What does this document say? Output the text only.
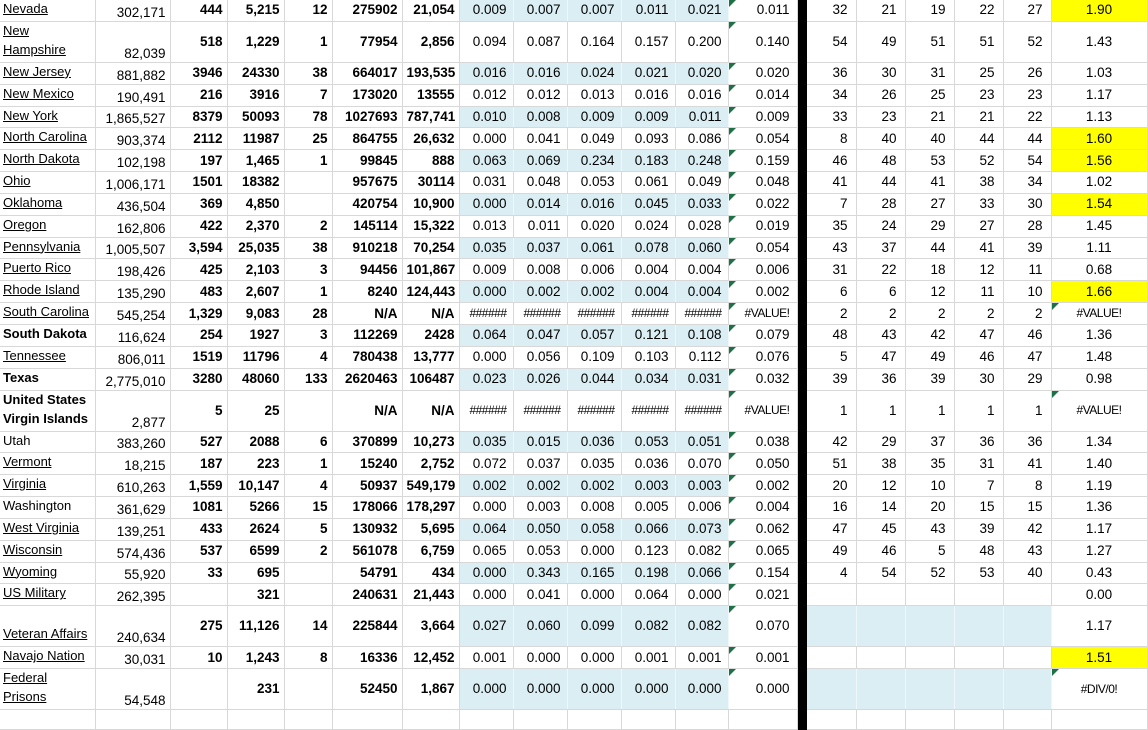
Nevada	302,171	444	5,215	12	275902	21,054	0.009	0.007	0.007	0.011	0.021	0.011		32	21	19	22	27	1.90
New Hampshire	82,039	518	1,229	1	77954	2,856	0.094	0.087	0.164	0.157	0.200	0.140		54	49	51	51	52	1.43
New Jersey	881,882	3946	24330	38	664017	193,535	0.016	0.016	0.024	0.021	0.020	0.020		36	30	31	25	26	1.03
New Mexico	190,491	216	3916	7	173020	13555	0.012	0.012	0.013	0.016	0.016	0.014		34	26	25	23	23	1.17
New York	1,865,527	8379	50093	78	1027693	787,741	0.010	0.008	0.009	0.009	0.011	0.009		33	23	21	21	22	1.13
North Carolina	903,374	2112	11987	25	864755	26,632	0.000	0.041	0.049	0.093	0.086	0.054		8	40	40	44	44	1.60
North Dakota	102,198	197	1,465	1	99845	888	0.063	0.069	0.234	0.183	0.248	0.159		46	48	53	52	54	1.56
Ohio	1,006,171	1501	18382		957675	30114	0.031	0.048	0.053	0.061	0.049	0.048		41	44	41	38	34	1.02
Oklahoma	436,504	369	4,850		420754	10,900	0.000	0.014	0.016	0.045	0.033	0.022		7	28	27	33	30	1.54
Oregon	162,806	422	2,370	2	145114	15,322	0.013	0.011	0.020	0.024	0.028	0.019		35	24	29	27	28	1.45
Pennsylvania	1,005,507	3,594	25,035	38	910218	70,254	0.035	0.037	0.061	0.078	0.060	0.054		43	37	44	41	39	1.11
Puerto Rico	198,426	425	2,103	3	94456	101,867	0.009	0.008	0.006	0.004	0.004	0.006		31	22	18	12	11	0.68
Rhode Island	135,290	483	2,607	1	8240	124,443	0.000	0.002	0.002	0.004	0.004	0.002		6	6	12	11	10	1.66
South Carolina	545,254	1,329	9,083	28	N/A	N/A	######	######	######	######	######	#VALUE!		2	2	2	2	2	#VALUE!
South Dakota	116,624	254	1927	3	112269	2428	0.064	0.047	0.057	0.121	0.108	0.079		48	43	42	47	46	1.36
Tennessee	806,011	1519	11796	4	780438	13,777	0.000	0.056	0.109	0.103	0.112	0.076		5	47	49	46	47	1.48
Texas	2,775,010	3280	48060	133	2620463	106487	0.023	0.026	0.044	0.034	0.031	0.032		39	36	39	30	29	0.98
United States Virgin Islands	2,877	5	25		N/A	N/A	######	######	######	######	######	#VALUE!		1	1	1	1	1	#VALUE!
Utah	383,260	527	2088	6	370899	10,273	0.035	0.015	0.036	0.053	0.051	0.038		42	29	37	36	36	1.34
Vermont	18,215	187	223	1	15240	2,752	0.072	0.037	0.035	0.036	0.070	0.050		51	38	35	31	41	1.40
Virginia	610,263	1,559	10,147	4	50937	549,179	0.002	0.002	0.002	0.003	0.003	0.002		20	12	10	7	8	1.19
Washington	361,629	1081	5266	15	178066	178,297	0.000	0.003	0.008	0.005	0.006	0.004		16	14	20	15	15	1.36
West Virginia	139,251	433	2624	5	130932	5,695	0.064	0.050	0.058	0.066	0.073	0.062		47	45	43	39	42	1.17
Wisconsin	574,436	537	6599	2	561078	6,759	0.065	0.053	0.000	0.123	0.082	0.065		49	46	5	48	43	1.27
Wyoming	55,920	33	695		54791	434	0.000	0.343	0.165	0.198	0.066	0.154		4	54	52	53	40	0.43
US Military	262,395		321		240631	21,443	0.000	0.041	0.000	0.064	0.000	0.021							0.00
Veteran Affairs	240,634	275	11,126	14	225844	3,664	0.027	0.060	0.099	0.082	0.082	0.070							1.17
Navajo Nation	30,031	10	1,243	8	16336	12,452	0.001	0.000	0.000	0.001	0.001	0.001							1.51
Federal Prisons	54,548		231		52450	1,867	0.000	0.000	0.000	0.000	0.000	0.000							#DIV/0!
